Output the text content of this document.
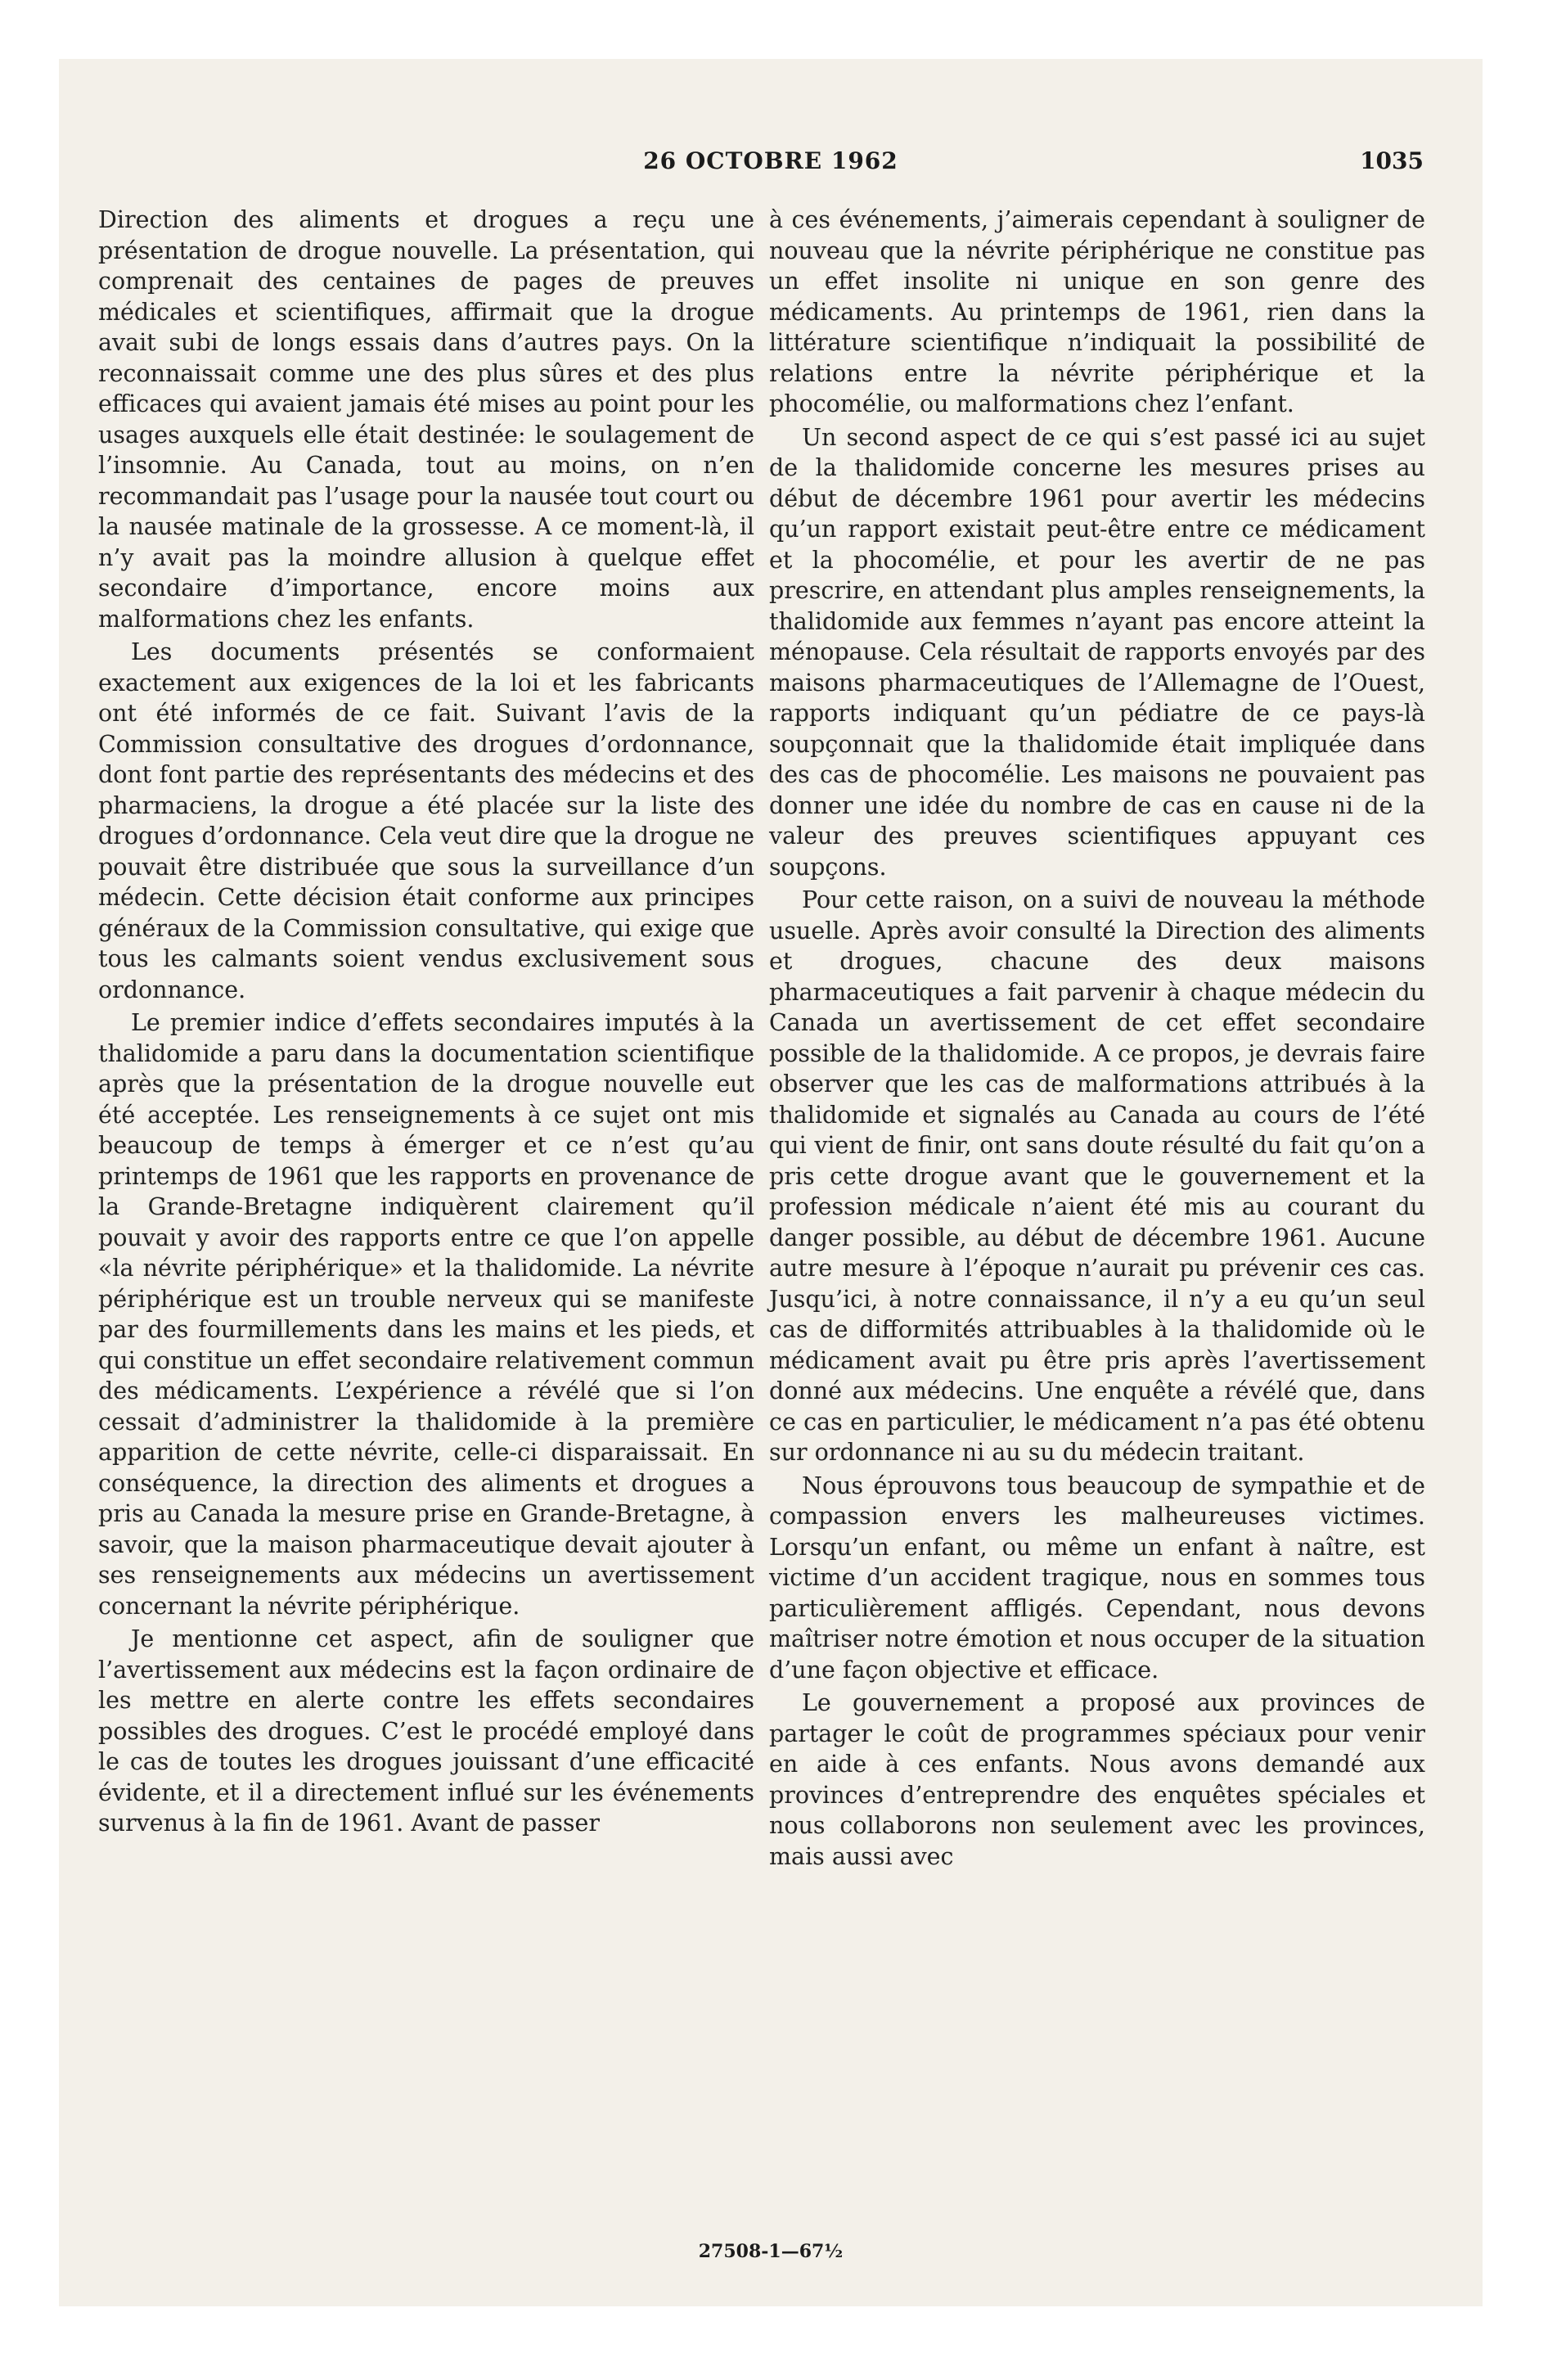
26 OCTOBRE 1962	1035

Direction des aliments et drogues a reçu une présentation de drogue nouvelle. La présentation, qui comprenait des centaines de pages de preuves médicales et scientifiques, affirmait que la drogue avait subi de longs essais dans d’autres pays. On la reconnaissait comme une des plus sûres et des plus efficaces qui avaient jamais été mises au point pour les usages auxquels elle était destinée: le soulagement de l’insomnie. Au Canada, tout au moins, on n’en recommandait pas l’usage pour la nausée tout court ou la nausée matinale de la grossesse. A ce moment-là, il n’y avait pas la moindre allusion à quelque effet secondaire d’importance, encore moins aux malformations chez les enfants.

Les documents présentés se conformaient exactement aux exigences de la loi et les fabricants ont été informés de ce fait. Suivant l’avis de la Commission consultative des drogues d’ordonnance, dont font partie des représentants des médecins et des pharmaciens, la drogue a été placée sur la liste des drogues d’ordonnance. Cela veut dire que la drogue ne pouvait être distribuée que sous la surveillance d’un médecin. Cette décision était conforme aux principes généraux de la Commission consultative, qui exige que tous les calmants soient vendus exclusivement sous ordonnance.

Le premier indice d’effets secondaires imputés à la thalidomide a paru dans la documentation scientifique après que la présentation de la drogue nouvelle eut été acceptée. Les renseignements à ce sujet ont mis beaucoup de temps à émerger et ce n’est qu’au printemps de 1961 que les rapports en provenance de la Grande-Bretagne indiquèrent clairement qu’il pouvait y avoir des rapports entre ce que l’on appelle «la névrite périphérique» et la thalidomide. La névrite périphérique est un trouble nerveux qui se manifeste par des fourmillements dans les mains et les pieds, et qui constitue un effet secondaire relativement commun des médicaments. L’expérience a révélé que si l’on cessait d’administrer la thalidomide à la première apparition de cette névrite, celle-ci disparaissait. En conséquence, la direction des aliments et drogues a pris au Canada la mesure prise en Grande-Bretagne, à savoir, que la maison pharmaceutique devait ajouter à ses renseignements aux médecins un avertissement concernant la névrite périphérique.

Je mentionne cet aspect, afin de souligner que l’avertissement aux médecins est la façon ordinaire de les mettre en alerte contre les effets secondaires possibles des drogues. C’est le procédé employé dans le cas de toutes les drogues jouissant d’une efficacité évidente, et il a directement influé sur les événements survenus à la fin de 1961. Avant de passer

à ces événements, j’aimerais cependant à souligner de nouveau que la névrite périphérique ne constitue pas un effet insolite ni unique en son genre des médicaments. Au printemps de 1961, rien dans la littérature scientifique n’indiquait la possibilité de relations entre la névrite périphérique et la phocomélie, ou malformations chez l’enfant.

Un second aspect de ce qui s’est passé ici au sujet de la thalidomide concerne les mesures prises au début de décembre 1961 pour avertir les médecins qu’un rapport existait peut-être entre ce médicament et la phocomélie, et pour les avertir de ne pas prescrire, en attendant plus amples renseignements, la thalidomide aux femmes n’ayant pas encore atteint la ménopause. Cela résultait de rapports envoyés par des maisons pharmaceutiques de l’Allemagne de l’Ouest, rapports indiquant qu’un pédiatre de ce pays-là soupçonnait que la thalidomide était impliquée dans des cas de phocomélie. Les maisons ne pouvaient pas donner une idée du nombre de cas en cause ni de la valeur des preuves scientifiques appuyant ces soupçons.

Pour cette raison, on a suivi de nouveau la méthode usuelle. Après avoir consulté la Direction des aliments et drogues, chacune des deux maisons pharmaceutiques a fait parvenir à chaque médecin du Canada un avertissement de cet effet secondaire possible de la thalidomide. A ce propos, je devrais faire observer que les cas de malformations attribués à la thalidomide et signalés au Canada au cours de l’été qui vient de finir, ont sans doute résulté du fait qu’on a pris cette drogue avant que le gouvernement et la profession médicale n’aient été mis au courant du danger possible, au début de décembre 1961. Aucune autre mesure à l’époque n’aurait pu prévenir ces cas. Jusqu’ici, à notre connaissance, il n’y a eu qu’un seul cas de difformités attribuables à la thalidomide où le médicament avait pu être pris après l’avertissement donné aux médecins. Une enquête a révélé que, dans ce cas en particulier, le médicament n’a pas été obtenu sur ordonnance ni au su du médecin traitant.

Nous éprouvons tous beaucoup de sympathie et de compassion envers les malheureuses victimes. Lorsqu’un enfant, ou même un enfant à naître, est victime d’un accident tragique, nous en sommes tous particulièrement affligés. Cependant, nous devons maîtriser notre émotion et nous occuper de la situation d’une façon objective et efficace.

Le gouvernement a proposé aux provinces de partager le coût de programmes spéciaux pour venir en aide à ces enfants. Nous avons demandé aux provinces d’entreprendre des enquêtes spéciales et nous collaborons non seulement avec les provinces, mais aussi avec

27508-1—67½
